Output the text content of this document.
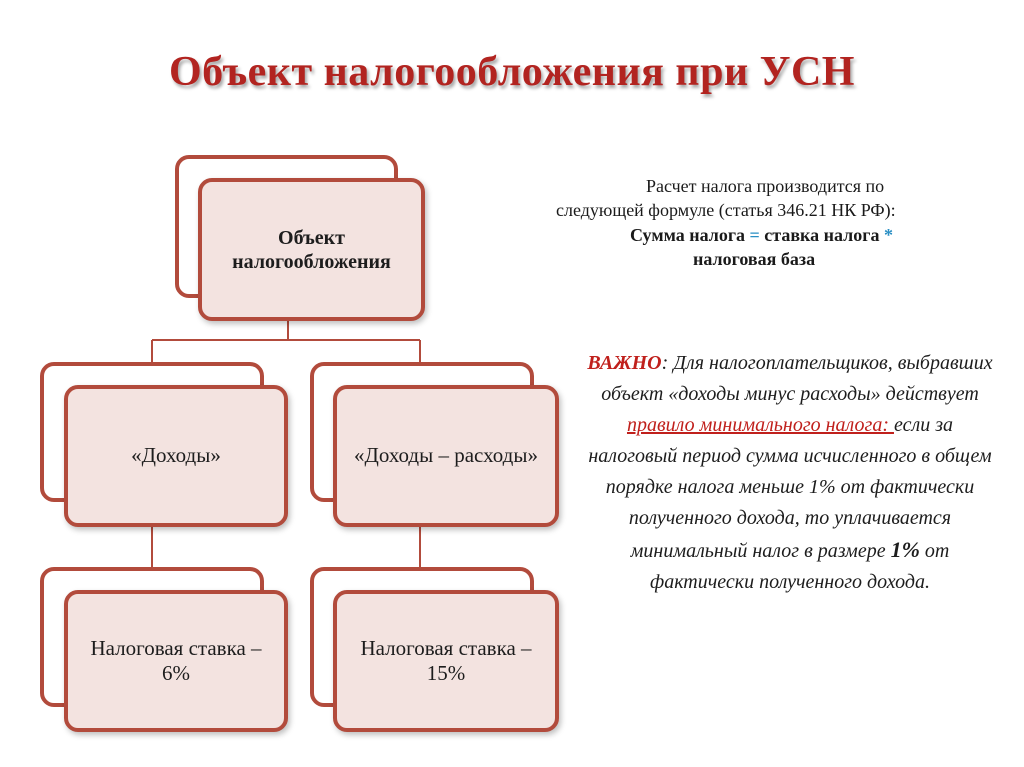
Объект налогообложения при УСН
Объект налогообложения
«Доходы»	«Доходы – расходы»
Налоговая ставка – 6%
Налоговая ставка – 15%
Расчет налога производится по
следующей формуле (статья 346.21 НК РФ):
Сумма налога = ставка налога *
налоговая база
ВАЖНО: Для налогоплательщиков, выбравших объект «доходы минус расходы» действует правило минимального налога: если за налоговый период сумма исчисленного в общем порядке налога меньше 1% от фактически полученного дохода, то уплачивается минимальный налог в размере 1% от фактически полученного дохода.
